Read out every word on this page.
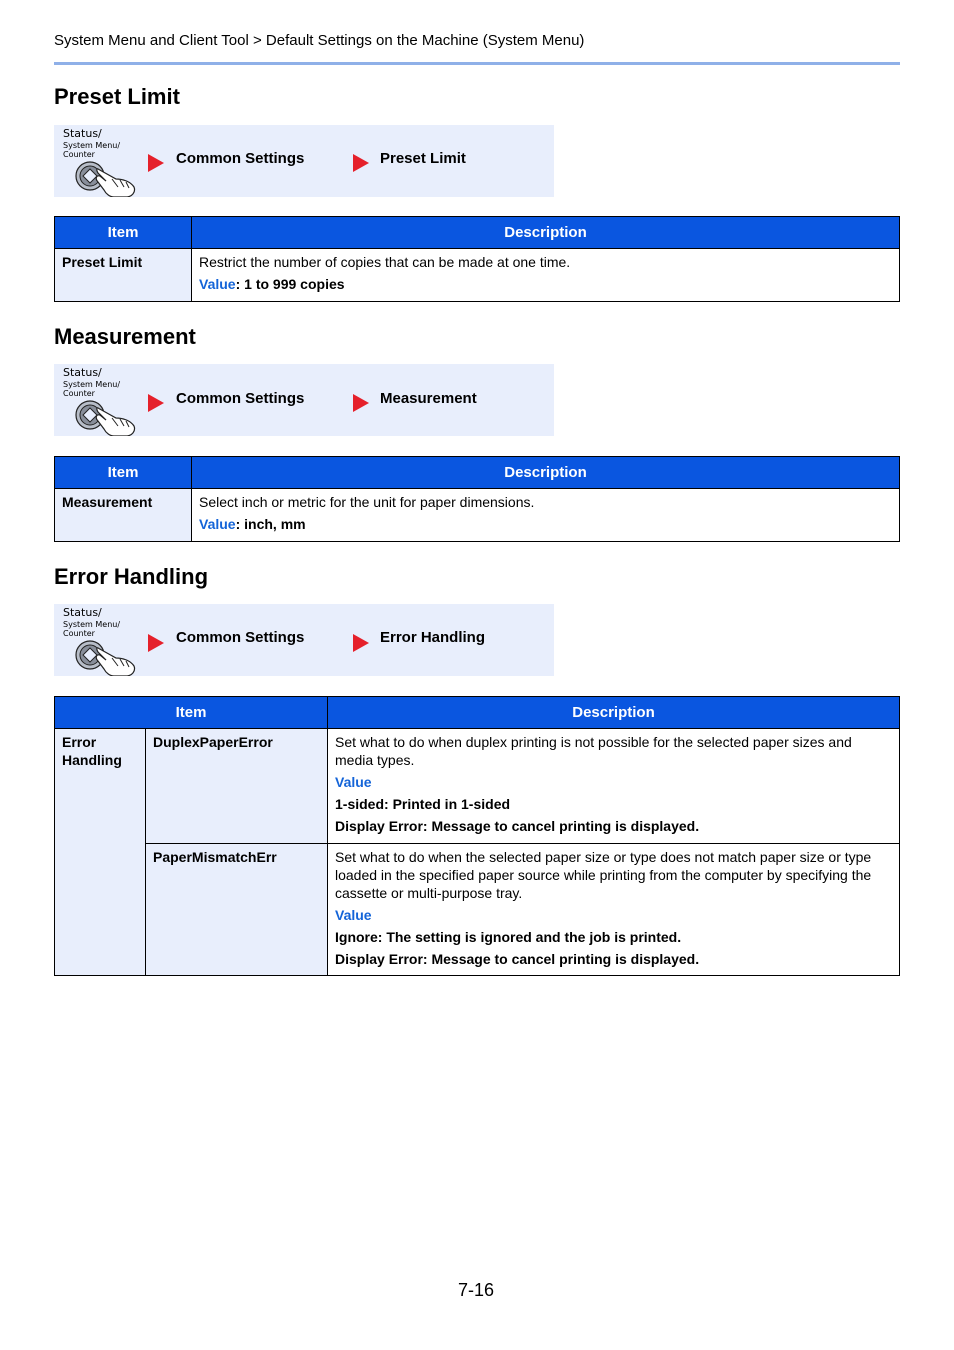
System Menu and Client Tool > Default Settings on the Machine (System Menu)
Preset Limit
Status/
System Menu/
Counter	Common Settings	Preset Limit
Item	Description
Preset Limit	Restrict the number of copies that can be made at one time.

Value: 1 to 999 copies

Measurement
Status/
System Menu/
Counter	Common Settings	Measurement
Item	Description
Measurement	Select inch or metric for the unit for paper dimensions.

Value: inch, mm

Error Handling
Status/
System Menu/
Counter	Common Settings	Error Handling
Item		Description
Error Handling	DuplexPaperError	Set what to do when duplex printing is not possible for the selected paper sizes and media types.

Value

1-sided: Printed in 1-sided

Display Error: Message to cancel printing is displayed.

	PaperMismatchErr	Set what to do when the selected paper size or type does not match paper size or type loaded in the specified paper source while printing from the computer by specifying the cassette or multi-purpose tray.

Value

Ignore: The setting is ignored and the job is printed.

Display Error: Message to cancel printing is displayed.

7-16
